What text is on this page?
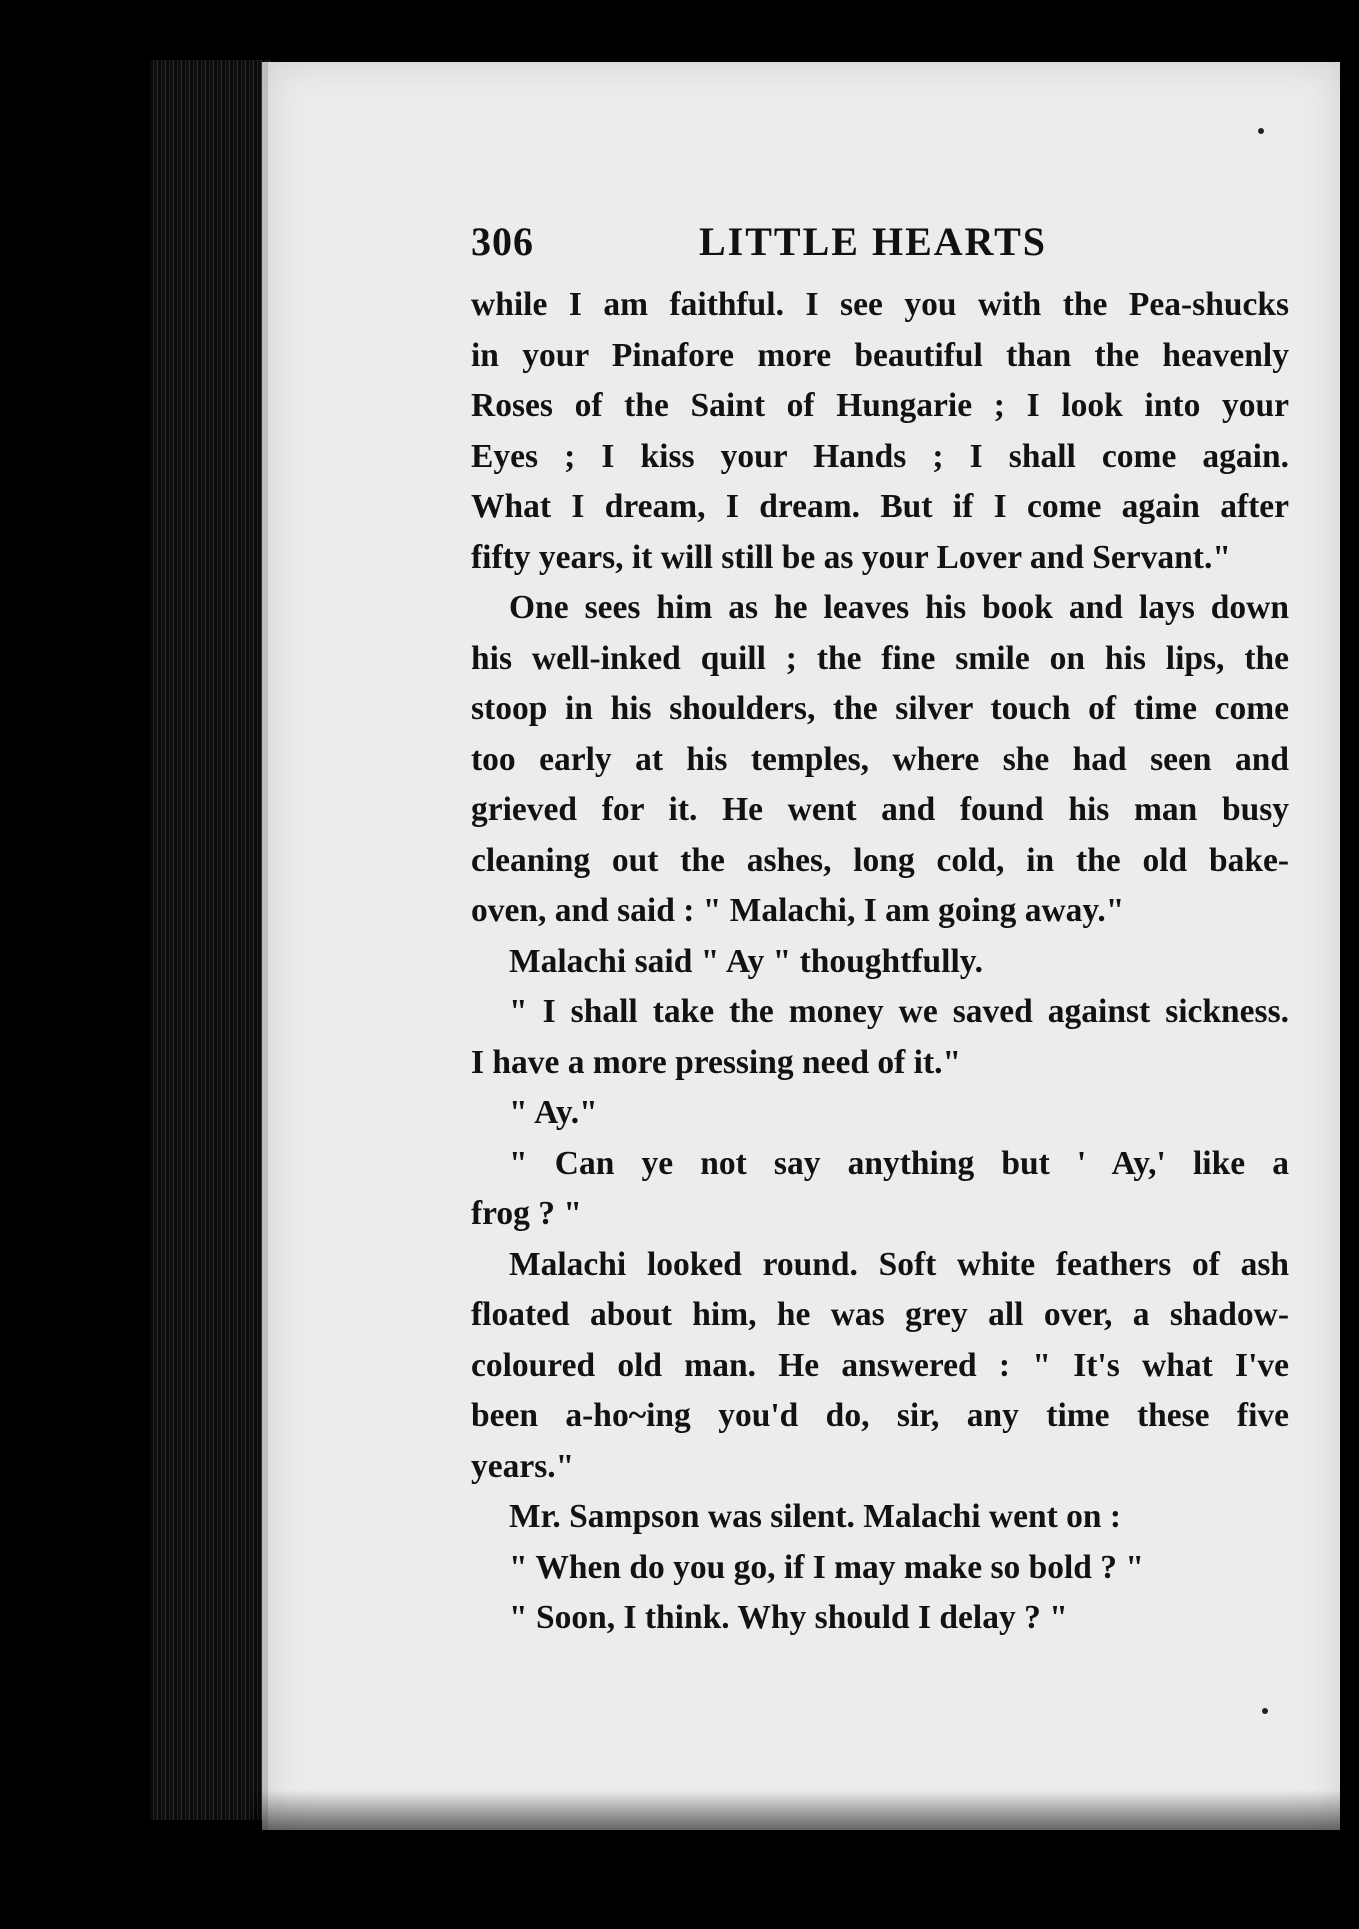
306	LITTLE HEARTS
while I am faithful. I see you with the Pea-shucks
in your Pinafore more beautiful than the heavenly
Roses of the Saint of Hungarie ; I look into your
Eyes ; I kiss your Hands ; I shall come again.
What I dream, I dream. But if I come again after
fifty years, it will still be as your Lover and Servant."
One sees him as he leaves his book and lays down
his well-inked quill ; the fine smile on his lips, the
stoop in his shoulders, the silver touch of time come
too early at his temples, where she had seen and
grieved for it. He went and found his man busy
cleaning out the ashes, long cold, in the old bake-
oven, and said : " Malachi, I am going away."
Malachi said " Ay " thoughtfully.
" I shall take the money we saved against sickness.
I have a more pressing need of it."
" Ay."
" Can ye not say anything but ' Ay,' like a
frog ? "
Malachi looked round. Soft white feathers of ash
floated about him, he was grey all over, a shadow-
coloured old man. He answered : " It's what I've
been a-ho~ing you'd do, sir, any time these five
years."
Mr. Sampson was silent. Malachi went on :
" When do you go, if I may make so bold ? "
" Soon, I think. Why should I delay ? "
